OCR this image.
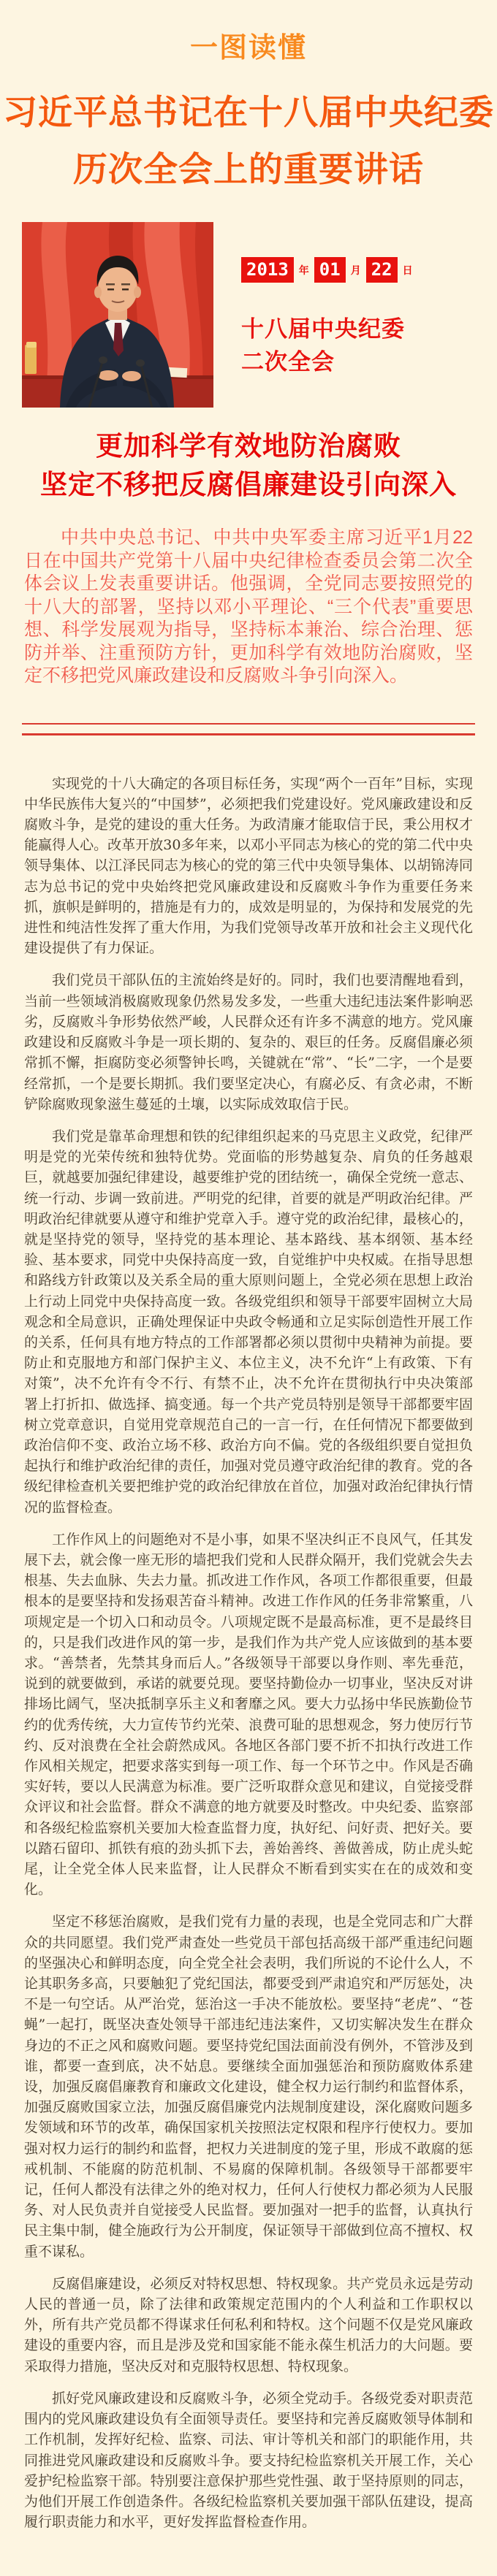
一图读懂
习近平总书记在十八届中央纪委
历次全会上的重要讲话
2013	年 01	月 22	日
十八届中央纪委
二次全会
更加科学有效地防治腐败
坚定不移把反腐倡廉建设引向深入
中共中央总书记、中共中央军委主席习近平1月22日在中国共产党第十八届中央纪律检查委员会第二次全体会议上发表重要讲话。他强调，全党同志要按照党的十八大的部署，坚持以邓小平理论、“三个代表”重要思想、科学发展观为指导，坚持标本兼治、综合治理、惩防并举、注重预防方针，更加科学有效地防治腐败，坚定不移把党风廉政建设和反腐败斗争引向深入。

实现党的十八大确定的各项目标任务，实现“两个一百年”目标，实现中华民族伟大复兴的“中国梦”，必须把我们党建设好。党风廉政建设和反腐败斗争，是党的建设的重大任务。为政清廉才能取信于民，秉公用权才能赢得人心。改革开放30多年来，以邓小平同志为核心的党的第二代中央领导集体、以江泽民同志为核心的党的第三代中央领导集体、以胡锦涛同志为总书记的党中央始终把党风廉政建设和反腐败斗争作为重要任务来抓，旗帜是鲜明的，措施是有力的，成效是明显的，为保持和发展党的先进性和纯洁性发挥了重大作用，为我们党领导改革开放和社会主义现代化建设提供了有力保证。

我们党员干部队伍的主流始终是好的。同时，我们也要清醒地看到，当前一些领域消极腐败现象仍然易发多发，一些重大违纪违法案件影响恶劣，反腐败斗争形势依然严峻，人民群众还有许多不满意的地方。党风廉政建设和反腐败斗争是一项长期的、复杂的、艰巨的任务。反腐倡廉必须常抓不懈，拒腐防变必须警钟长鸣，关键就在“常”、“长”二字，一个是要经常抓，一个是要长期抓。我们要坚定决心，有腐必反、有贪必肃，不断铲除腐败现象滋生蔓延的土壤，以实际成效取信于民。

我们党是靠革命理想和铁的纪律组织起来的马克思主义政党，纪律严明是党的光荣传统和独特优势。党面临的形势越复杂、肩负的任务越艰巨，就越要加强纪律建设，越要维护党的团结统一，确保全党统一意志、统一行动、步调一致前进。严明党的纪律，首要的就是严明政治纪律。严明政治纪律就要从遵守和维护党章入手。遵守党的政治纪律，最核心的，就是坚持党的领导，坚持党的基本理论、基本路线、基本纲领、基本经验、基本要求，同党中央保持高度一致，自觉维护中央权威。在指导思想和路线方针政策以及关系全局的重大原则问题上，全党必须在思想上政治上行动上同党中央保持高度一致。各级党组织和领导干部要牢固树立大局观念和全局意识，正确处理保证中央政令畅通和立足实际创造性开展工作的关系，任何具有地方特点的工作部署都必须以贯彻中央精神为前提。要防止和克服地方和部门保护主义、本位主义，决不允许“上有政策、下有对策”，决不允许有令不行、有禁不止，决不允许在贯彻执行中央决策部署上打折扣、做选择、搞变通。每一个共产党员特别是领导干部都要牢固树立党章意识，自觉用党章规范自己的一言一行，在任何情况下都要做到政治信仰不变、政治立场不移、政治方向不偏。党的各级组织要自觉担负起执行和维护政治纪律的责任，加强对党员遵守政治纪律的教育。党的各级纪律检查机关要把维护党的政治纪律放在首位，加强对政治纪律执行情况的监督检查。

工作作风上的问题绝对不是小事，如果不坚决纠正不良风气，任其发展下去，就会像一座无形的墙把我们党和人民群众隔开，我们党就会失去根基、失去血脉、失去力量。抓改进工作作风，各项工作都很重要，但最根本的是要坚持和发扬艰苦奋斗精神。改进工作作风的任务非常繁重，八项规定是一个切入口和动员令。八项规定既不是最高标准，更不是最终目的，只是我们改进作风的第一步，是我们作为共产党人应该做到的基本要求。“善禁者，先禁其身而后人。”各级领导干部要以身作则、率先垂范，说到的就要做到，承诺的就要兑现。要坚持勤俭办一切事业，坚决反对讲排场比阔气，坚决抵制享乐主义和奢靡之风。要大力弘扬中华民族勤俭节约的优秀传统，大力宣传节约光荣、浪费可耻的思想观念，努力使厉行节约、反对浪费在全社会蔚然成风。各地区各部门要不折不扣执行改进工作作风相关规定，把要求落实到每一项工作、每一个环节之中。作风是否确实好转，要以人民满意为标准。要广泛听取群众意见和建议，自觉接受群众评议和社会监督。群众不满意的地方就要及时整改。中央纪委、监察部和各级纪检监察机关要加大检查监督力度，执好纪、问好责、把好关。要以踏石留印、抓铁有痕的劲头抓下去，善始善终、善做善成，防止虎头蛇尾，让全党全体人民来监督，让人民群众不断看到实实在在的成效和变化。

坚定不移惩治腐败，是我们党有力量的表现，也是全党同志和广大群众的共同愿望。我们党严肃查处一些党员干部包括高级干部严重违纪问题的坚强决心和鲜明态度，向全党全社会表明，我们所说的不论什么人，不论其职务多高，只要触犯了党纪国法，都要受到严肃追究和严厉惩处，决不是一句空话。从严治党，惩治这一手决不能放松。要坚持“老虎”、“苍蝇”一起打，既坚决查处领导干部违纪违法案件，又切实解决发生在群众身边的不正之风和腐败问题。要坚持党纪国法面前没有例外，不管涉及到谁，都要一查到底，决不姑息。要继续全面加强惩治和预防腐败体系建设，加强反腐倡廉教育和廉政文化建设，健全权力运行制约和监督体系，加强反腐败国家立法，加强反腐倡廉党内法规制度建设，深化腐败问题多发领域和环节的改革，确保国家机关按照法定权限和程序行使权力。要加强对权力运行的制约和监督，把权力关进制度的笼子里，形成不敢腐的惩戒机制、不能腐的防范机制、不易腐的保障机制。各级领导干部都要牢记，任何人都没有法律之外的绝对权力，任何人行使权力都必须为人民服务、对人民负责并自觉接受人民监督。要加强对一把手的监督，认真执行民主集中制，健全施政行为公开制度，保证领导干部做到位高不擅权、权重不谋私。

反腐倡廉建设，必须反对特权思想、特权现象。共产党员永远是劳动人民的普通一员，除了法律和政策规定范围内的个人利益和工作职权以外，所有共产党员都不得谋求任何私利和特权。这个问题不仅是党风廉政建设的重要内容，而且是涉及党和国家能不能永葆生机活力的大问题。要采取得力措施，坚决反对和克服特权思想、特权现象。

抓好党风廉政建设和反腐败斗争，必须全党动手。各级党委对职责范围内的党风廉政建设负有全面领导责任。要坚持和完善反腐败领导体制和工作机制，发挥好纪检、监察、司法、审计等机关和部门的职能作用，共同推进党风廉政建设和反腐败斗争。要支持纪检监察机关开展工作，关心爱护纪检监察干部。特别要注意保护那些党性强、敢于坚持原则的同志，为他们开展工作创造条件。各级纪检监察机关要加强干部队伍建设，提高履行职责能力和水平，更好发挥监督检查作用。
